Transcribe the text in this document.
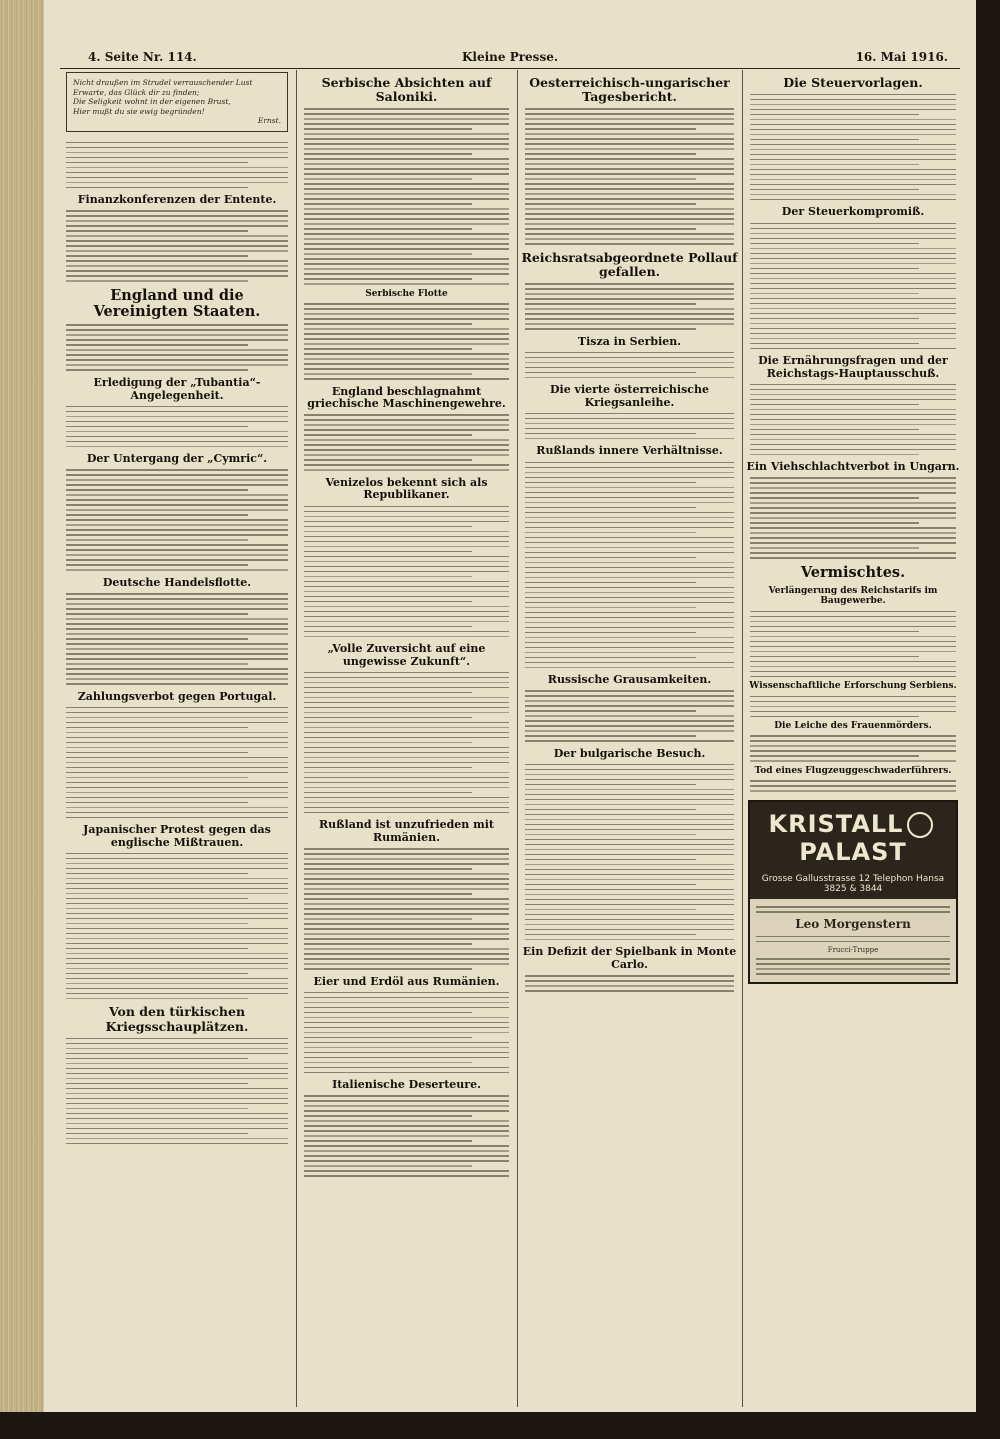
4. Seite Nr. 114.	Kleine Presse.	16. Mai 1916.
Nicht draußen im Strudel verrauschender Lust
Erwarte, das Glück dir zu finden;
Die Seligkeit wohnt in der eigenen Brust,
Hier mußt du sie ewig begründen!
Ernst.
Finanzkonferenzen der Entente.
England und die Vereinigten Staaten.
Erledigung der „Tubantia“-Angelegenheit.
Der Untergang der „Cymric“.
Deutsche Handelsflotte.
Zahlungsverbot gegen Portugal.
Japanischer Protest gegen das englische Mißtrauen.
Von den türkischen Kriegsschauplätzen.
Serbische Absichten auf Saloniki.
Serbische Flotte
England beschlagnahmt griechische Maschinengewehre.
Venizelos bekennt sich als Republikaner.
„Volle Zuversicht auf eine ungewisse Zukunft“.
Rußland ist unzufrieden mit Rumänien.
Eier und Erdöl aus Rumänien.
Italienische Deserteure.
Oesterreichisch-ungarischer Tagesbericht.
Reichsratsabgeordnete Pollauf gefallen.
Tisza in Serbien.
Die vierte österreichische Kriegsanleihe.
Rußlands innere Verhältnisse.
Russische Grausamkeiten.
Der bulgarische Besuch.
Ein Defizit der Spielbank in Monte Carlo.
Die Steuervorlagen.
Der Steuerkompromiß.
Die Ernährungsfragen und der Reichstags-Hauptausschuß.
Ein Viehschlachtverbot in Ungarn.
Vermischtes.
Verlängerung des Reichstarifs im Baugewerbe.
Wissenschaftliche Erforschung Serbiens.
Die Leiche des Frauenmörders.
Tod eines Flugzeuggeschwaderführers.
KRISTALLPALAST
Grosse Gallusstrasse 12 Telephon Hansa 3825 & 3844
Leo Morgenstern
Frucci-Truppe
